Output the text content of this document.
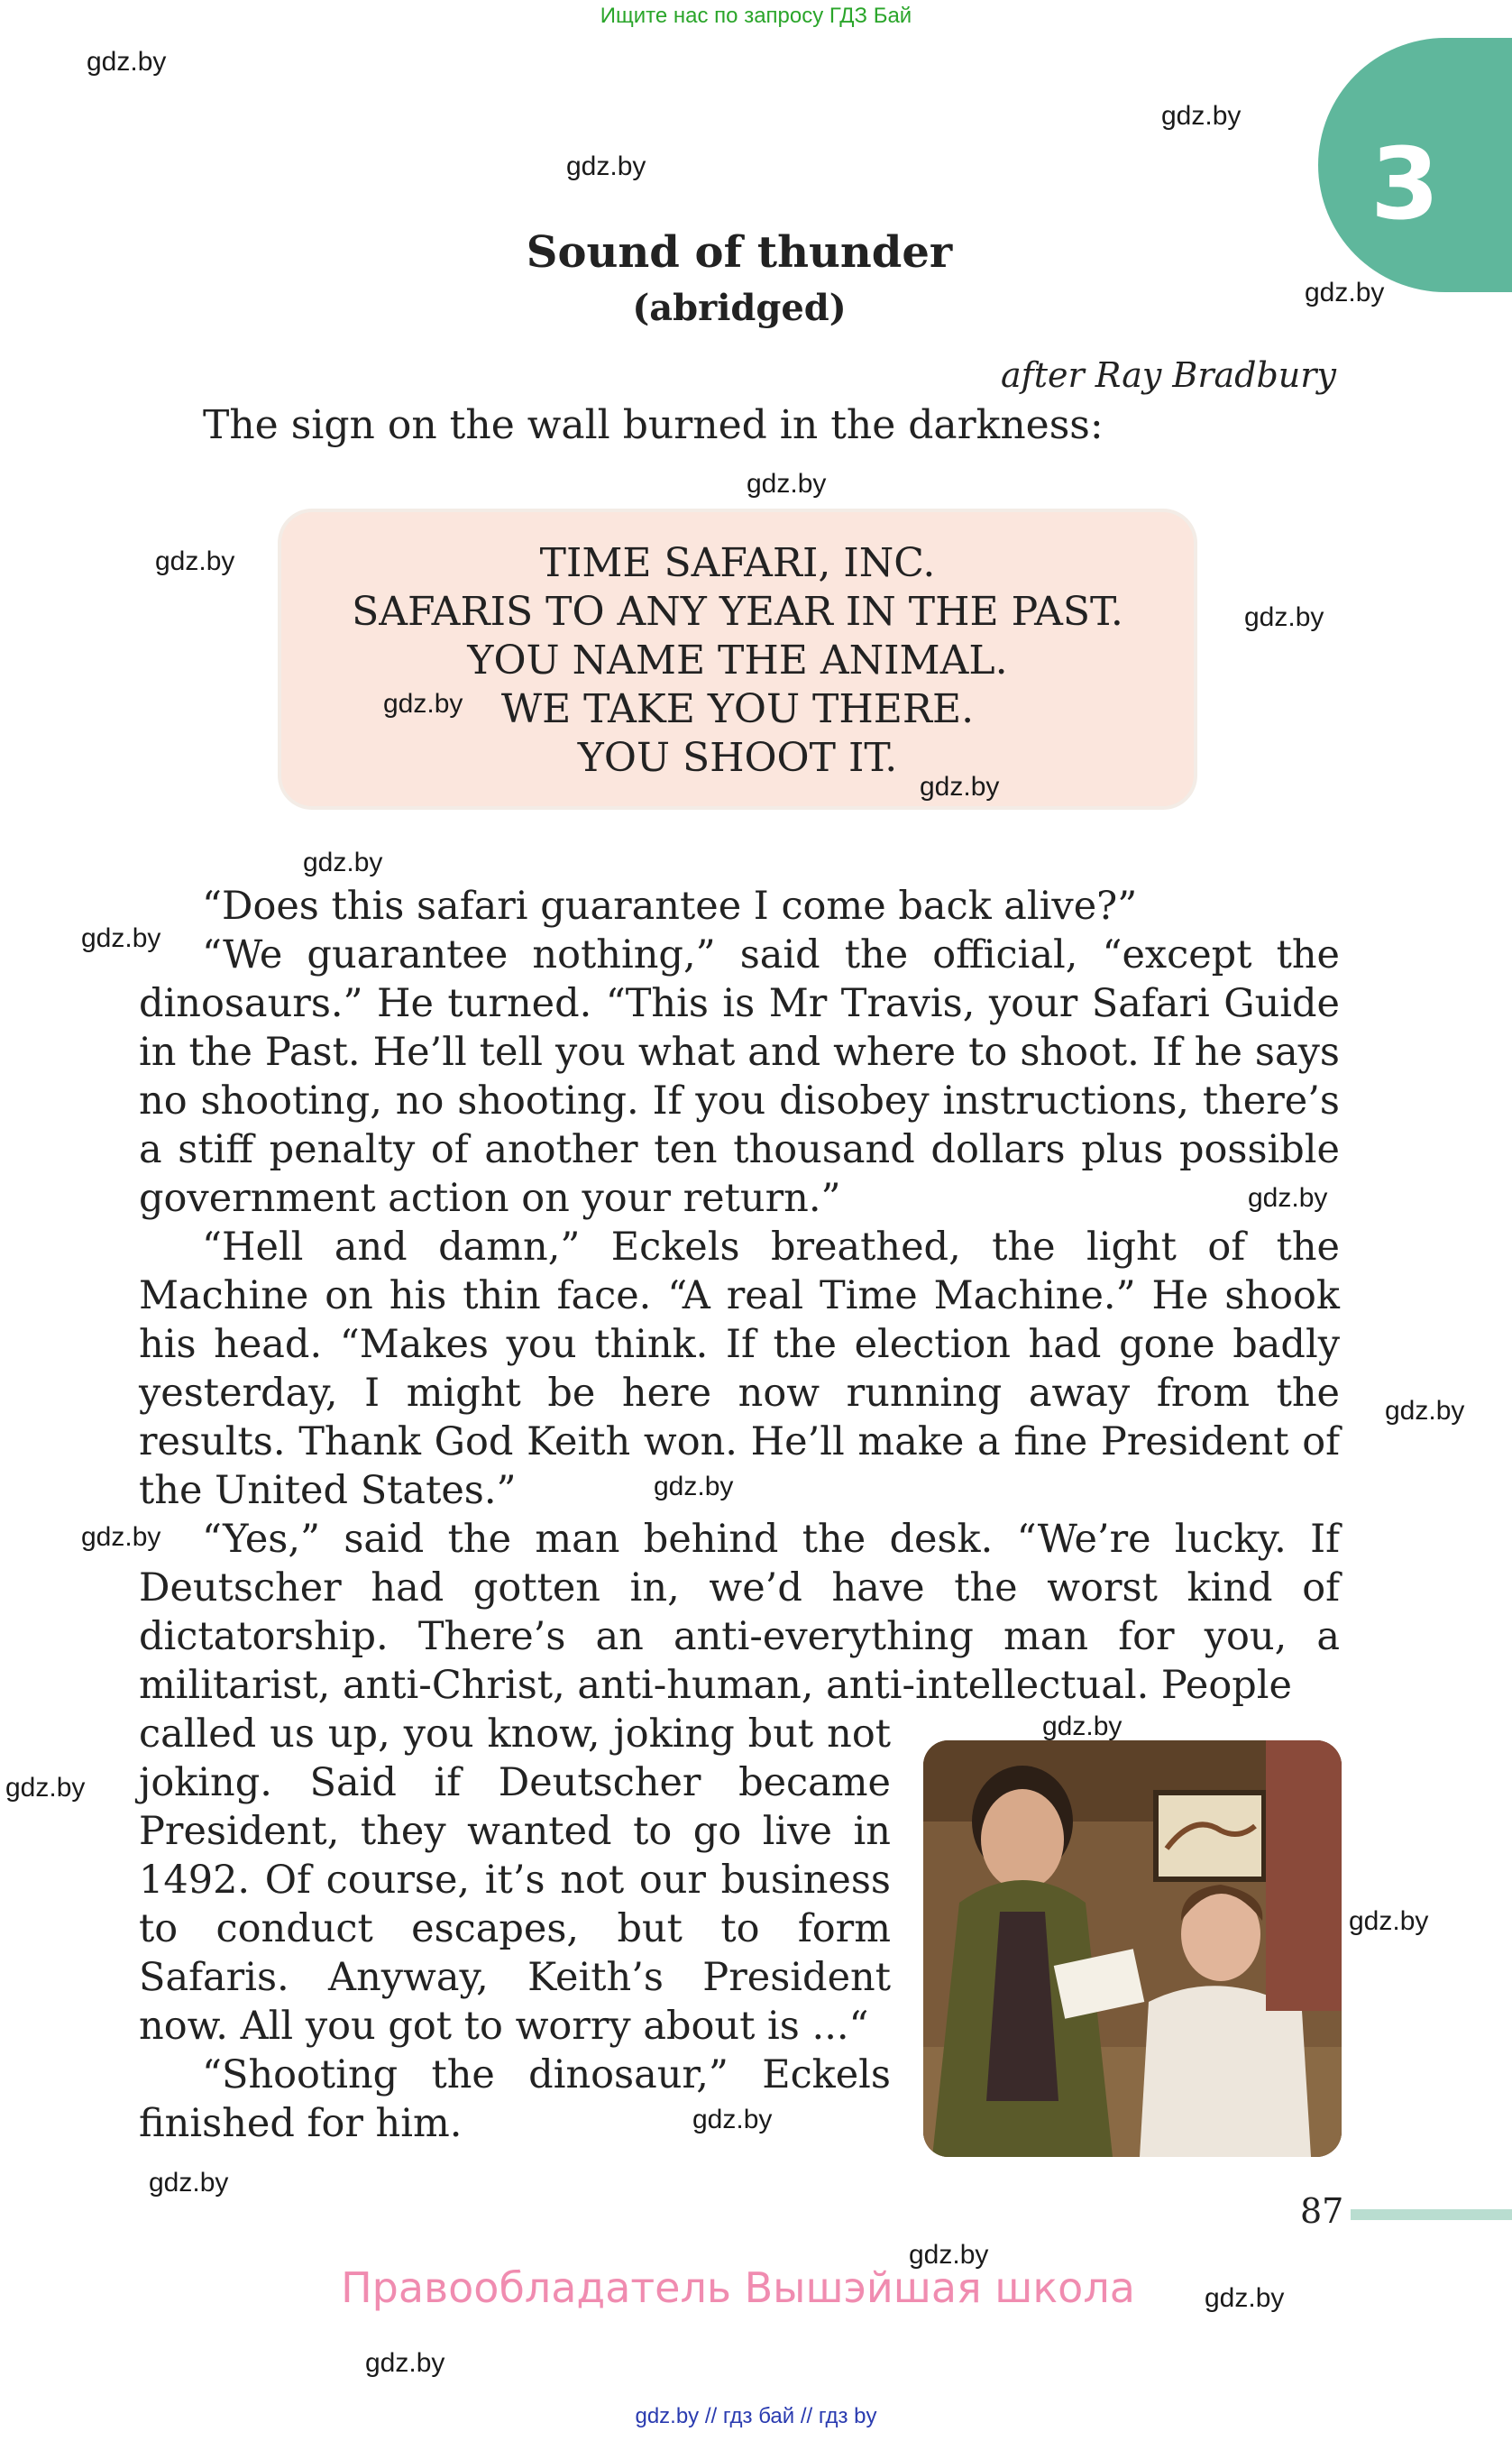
Ищите нас по запросу ГДЗ Бай
3
Sound of thunder
(abridged)
after Ray Bradbury
The sign on the wall burned in the darkness:
TIME SAFARI, INC.
SAFARIS TO ANY YEAR IN THE PAST.
YOU NAME THE ANIMAL.
WE TAKE YOU THERE.
YOU SHOOT IT.

“Does this safari guarantee I come back alive?”

“We guarantee nothing,” said the official, “except the dinosaurs.” He turned. “This is Mr Travis, your Safari Guide in the Past. He’ll tell you what and where to shoot. If he says no shooting, no shooting. If you disobey instructions, there’s a stiff penalty of another ten thousand dollars plus possible government action on your return.”

“Hell and damn,” Eckels breathed, the light of the Machine on his thin face. “A real Time Machine.” He shook his head. “Makes you think. If the election had gone badly yesterday, I might be here now running away from the results. Thank God Keith won. He’ll make a fine President of the United States.”

“Yes,” said the man behind the desk. “We’re lucky. If Deutscher had gotten in, we’d have the worst kind of dictatorship. There’s an anti-everything man for you, a militarist, anti-Christ, anti-human, anti-intellectual. People

called us up, you know, joking but not joking. Said if Deutscher became President, they wanted to go live in 1492. Of course, it’s not our business to conduct escapes, but to form Safaris. Anyway, Keith’s President now. All you got to worry about is ...“

“Shooting the dinosaur,” Eckels finished for him.

87
Правообладатель Вышэйшая школа
gdz.by // гдз бай // гдз by
gdz.by
gdz.by
gdz.by
gdz.by
gdz.by
gdz.by
gdz.by
gdz.by
gdz.by
gdz.by
gdz.by
gdz.by
gdz.by
gdz.by
gdz.by
gdz.by
gdz.by
gdz.by
gdz.by
gdz.by
gdz.by
gdz.by
gdz.by
